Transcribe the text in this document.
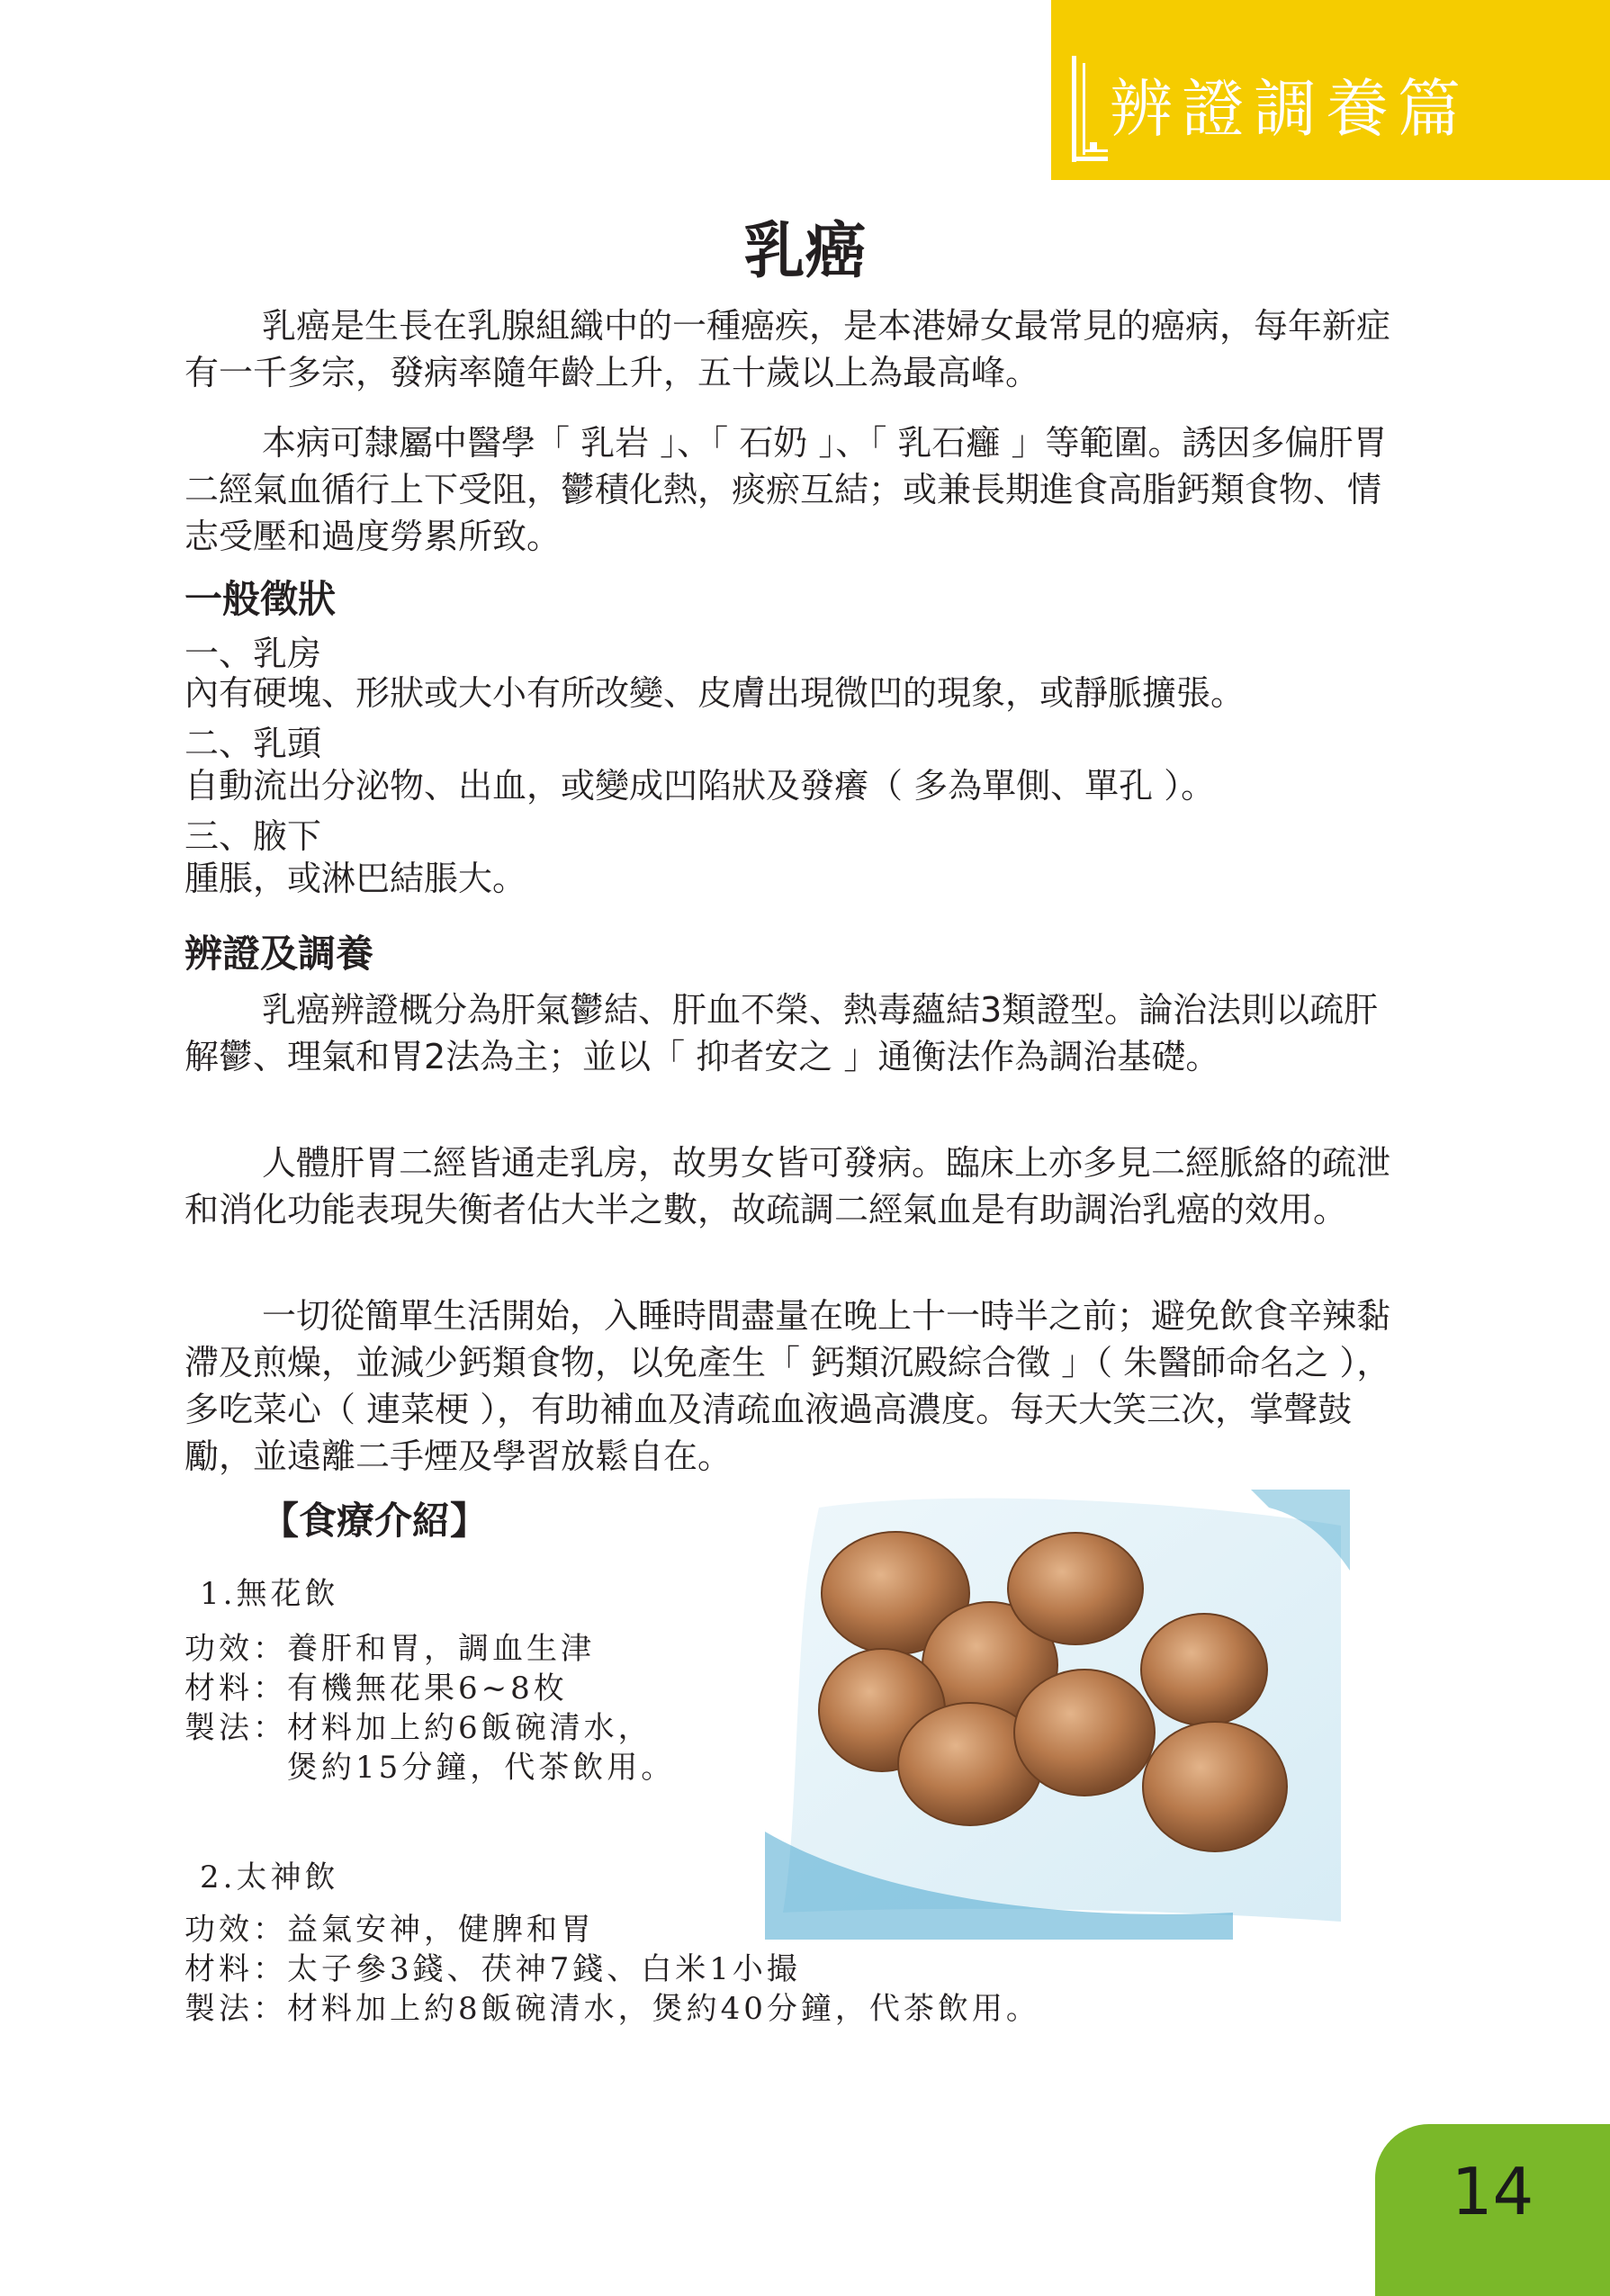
辨證調養篇
乳癌

乳癌是生長在乳腺組織中的一種癌疾，是本港婦女最常見的癌病，每年新症有一千多宗，發病率隨年齡上升，五十歲以上為最高峰。

本病可隸屬中醫學「 乳岩 」、「 石奶 」、「 乳石癰 」等範圍。誘因多偏肝胃二經氣血循行上下受阻，鬱積化熱，痰瘀互結；或兼長期進食高脂鈣類食物、情志受壓和過度勞累所致。

一般徵狀
一、乳房
內有硬塊、形狀或大小有所改變、皮膚出現微凹的現象，或靜脈擴張。
二、乳頭
自動流出分泌物、出血，或變成凹陷狀及發癢（ 多為單側、單孔 ）。
三、腋下
腫脹，或淋巴結脹大。
辨證及調養

乳癌辨證概分為肝氣鬱結、肝血不榮、熱毒蘊結3類證型。論治法則以疏肝解鬱、理氣和胃2法為主；並以「 抑者安之 」通衡法作為調治基礎。

人體肝胃二經皆通走乳房，故男女皆可發病。臨床上亦多見二經脈絡的疏泄和消化功能表現失衡者佔大半之數，故疏調二經氣血是有助調治乳癌的效用。

一切從簡單生活開始，入睡時間盡量在晚上十一時半之前；避免飲食辛辣黏滯及煎燥，並減少鈣類食物，以免產生「 鈣類沉殿綜合徵 」（ 朱醫師命名之 ），多吃菜心（ 連菜梗 ），有助補血及清疏血液過高濃度。每天大笑三次，掌聲鼓勵，並遠離二手煙及學習放鬆自在。

【食療介紹】
1.無花飲
功效：養肝和胃，調血生津
材料：有機無花果6~8枚
製法：材料加上約6飯碗清水，
　　　煲約15分鐘，代茶飲用。
2.太神飲
功效：益氣安神，健脾和胃
材料：太子參3錢、茯神7錢、白米1小撮
製法：材料加上約8飯碗清水，煲約40分鐘，代茶飲用。
14
